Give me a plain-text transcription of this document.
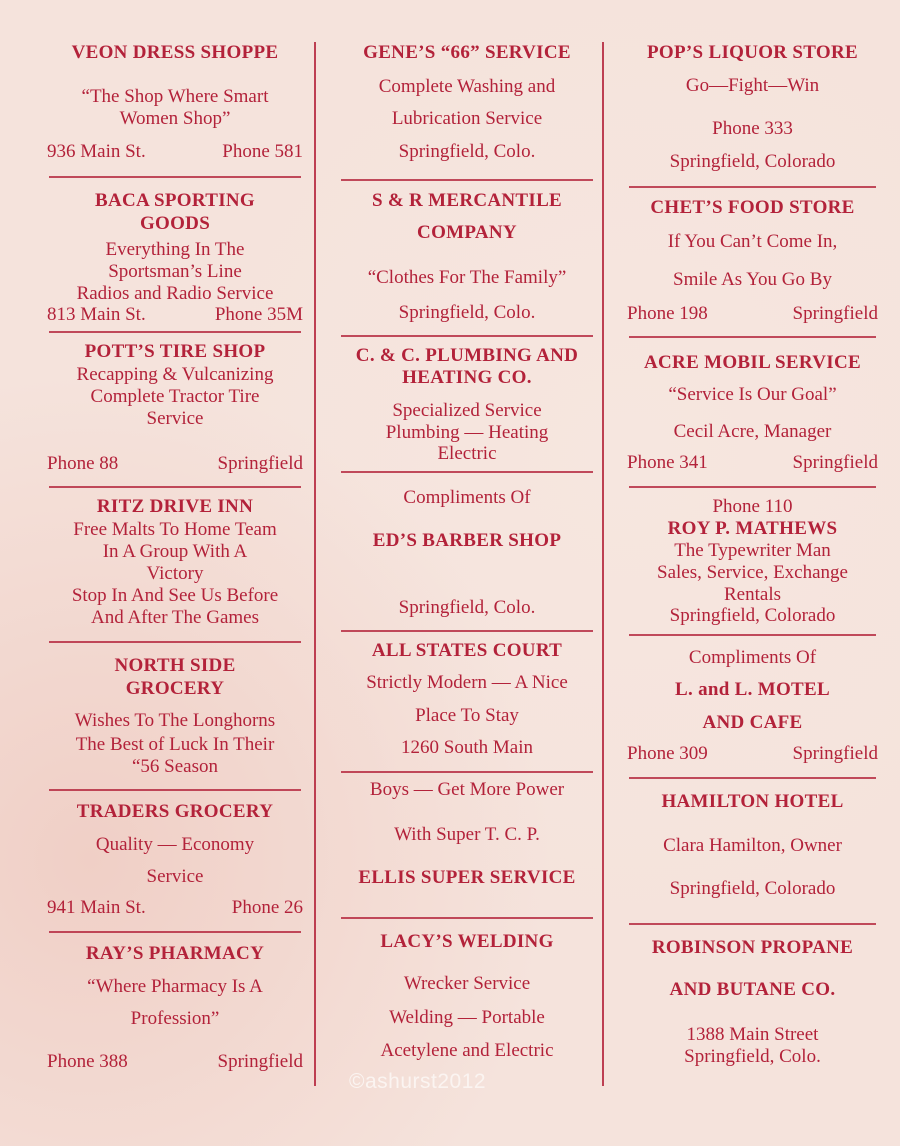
VEON DRESS SHOPPE
“The Shop Where Smart
Women Shop”
936 Main St.	Phone 581
BACA SPORTING
GOODS
Everything In The
Sportsman’s Line
Radios and Radio Service
813 Main St.	Phone 35M
POTT’S TIRE SHOP
Recapping & Vulcanizing
Complete Tractor Tire
Service
Phone 88	Springfield
RITZ DRIVE INN
Free Malts To Home Team
In A Group With A
Victory
Stop In And See Us Before
And After The Games
NORTH SIDE
GROCERY
Wishes To The Longhorns
The Best of Luck In Their
“56 Season
TRADERS GROCERY
Quality — Economy
Service
941 Main St.	Phone 26
RAY’S PHARMACY
“Where Pharmacy Is A
Profession”
Phone 388	Springfield
GENE’S “66” SERVICE
Complete Washing and
Lubrication Service
Springfield, Colo.
S & R MERCANTILE
COMPANY
“Clothes For The Family”
Springfield, Colo.
C. & C. PLUMBING AND
HEATING CO.
Specialized Service
Plumbing — Heating
Electric
Compliments Of
ED’S BARBER SHOP
Springfield, Colo.
ALL STATES COURT
Strictly Modern — A Nice
Place To Stay
1260 South Main
Boys — Get More Power
With Super T. C. P.
ELLIS SUPER SERVICE
LACY’S WELDING
Wrecker Service
Welding — Portable
Acetylene and Electric
POP’S LIQUOR STORE
Go—Fight—Win
Phone 333
Springfield, Colorado
CHET’S FOOD STORE
If You Can’t Come In,
Smile As You Go By
Phone 198	Springfield
ACRE MOBIL SERVICE
“Service Is Our Goal”
Cecil Acre, Manager
Phone 341	Springfield
Phone 110
ROY P. MATHEWS
The Typewriter Man
Sales, Service, Exchange
Rentals
Springfield, Colorado
Compliments Of
L. and L. MOTEL
AND CAFE
Phone 309	Springfield
HAMILTON HOTEL
Clara Hamilton, Owner
Springfield, Colorado
ROBINSON PROPANE
AND BUTANE CO.
1388 Main Street
Springfield, Colo.
©ashurst2012
